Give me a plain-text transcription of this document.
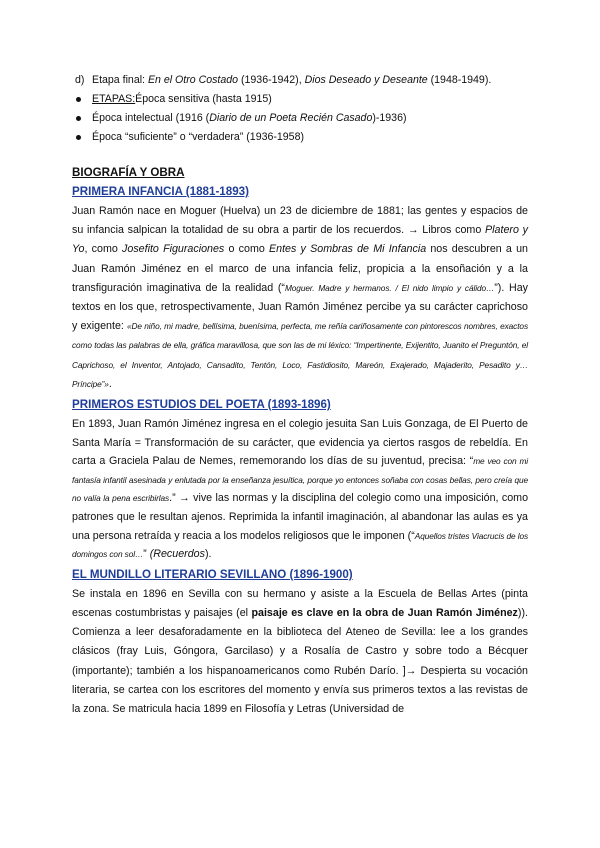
d) Etapa final: En el Otro Costado (1936-1942), Dios Deseado y Deseante (1948-1949).
ETAPAS:Época sensitiva (hasta 1915)
Época intelectual (1916 (Diario de un Poeta Recién Casado)-1936)
Época “suficiente” o “verdadera” (1936-1958)
BIOGRAFÍA Y OBRA
PRIMERA INFANCIA (1881-1893)

Juan Ramón nace en Moguer (Huelva) un 23 de diciembre de 1881; las gentes y espacios de su infancia salpican la totalidad de su obra a partir de los recuerdos. → Libros como Platero y Yo, como Josefito Figuraciones o como Entes y Sombras de Mi Infancia nos descubren a un Juan Ramón Jiménez en el marco de una infancia feliz, propicia a la ensoñación y a la transfiguración imaginativa de la realidad (“Moguer. Madre y hermanos. / El nido limpio y cálido…”). Hay textos en los que, retrospectivamente, Juan Ramón Jiménez percibe ya su carácter caprichoso y exigente: «De niño, mi madre, bellísima, buenísima, perfecta, me reñía cariñosamente con pintorescos nombres, exactos como todas las palabras de ella, gráfica maravillosa, que son las de mi léxico: “Impertinente, Exijentito, Juanito el Preguntón, el Caprichoso, el Inventor, Antojado, Cansadito, Tentón, Loco, Fastidiosito, Mareón, Exajerado, Majaderito, Pesadito y… Príncipe”».

PRIMEROS ESTUDIOS DEL POETA (1893-1896)

En 1893, Juan Ramón Jiménez ingresa en el colegio jesuita San Luis Gonzaga, de El Puerto de Santa María = Transformación de su carácter, que evidencia ya ciertos rasgos de rebeldía. En carta a Graciela Palau de Nemes, rememorando los días de su juventud, precisa: “me veo con mi fantasía infantil asesinada y enlutada por la enseñanza jesuítica, porque yo entonces soñaba con cosas bellas, pero creía que no valía la pena escribirlas.” → vive las normas y la disciplina del colegio como una imposición, como patrones que le resultan ajenos. Reprimida la infantil imaginación, al abandonar las aulas es ya una persona retraída y reacia a los modelos religiosos que le imponen (“Aquellos tristes Viacrucis de los domingos con sol…” (Recuerdos).

EL MUNDILLO LITERARIO SEVILLANO (1896-1900)

Se instala en 1896 en Sevilla con su hermano y asiste a la Escuela de Bellas Artes (pinta escenas costumbristas y paisajes (el paisaje es clave en la obra de Juan Ramón Jiménez)). Comienza a leer desaforadamente en la biblioteca del Ateneo de Sevilla: lee a los grandes clásicos (fray Luis, Góngora, Garcilaso) y a Rosalía de Castro y sobre todo a Bécquer (importante); también a los hispanoamericanos como Rubén Darío. ]→ Despierta su vocación literaria, se cartea con los escritores del momento y envía sus primeros textos a las revistas de la zona. Se matricula hacia 1899 en Filosofía y Letras (Universidad de
